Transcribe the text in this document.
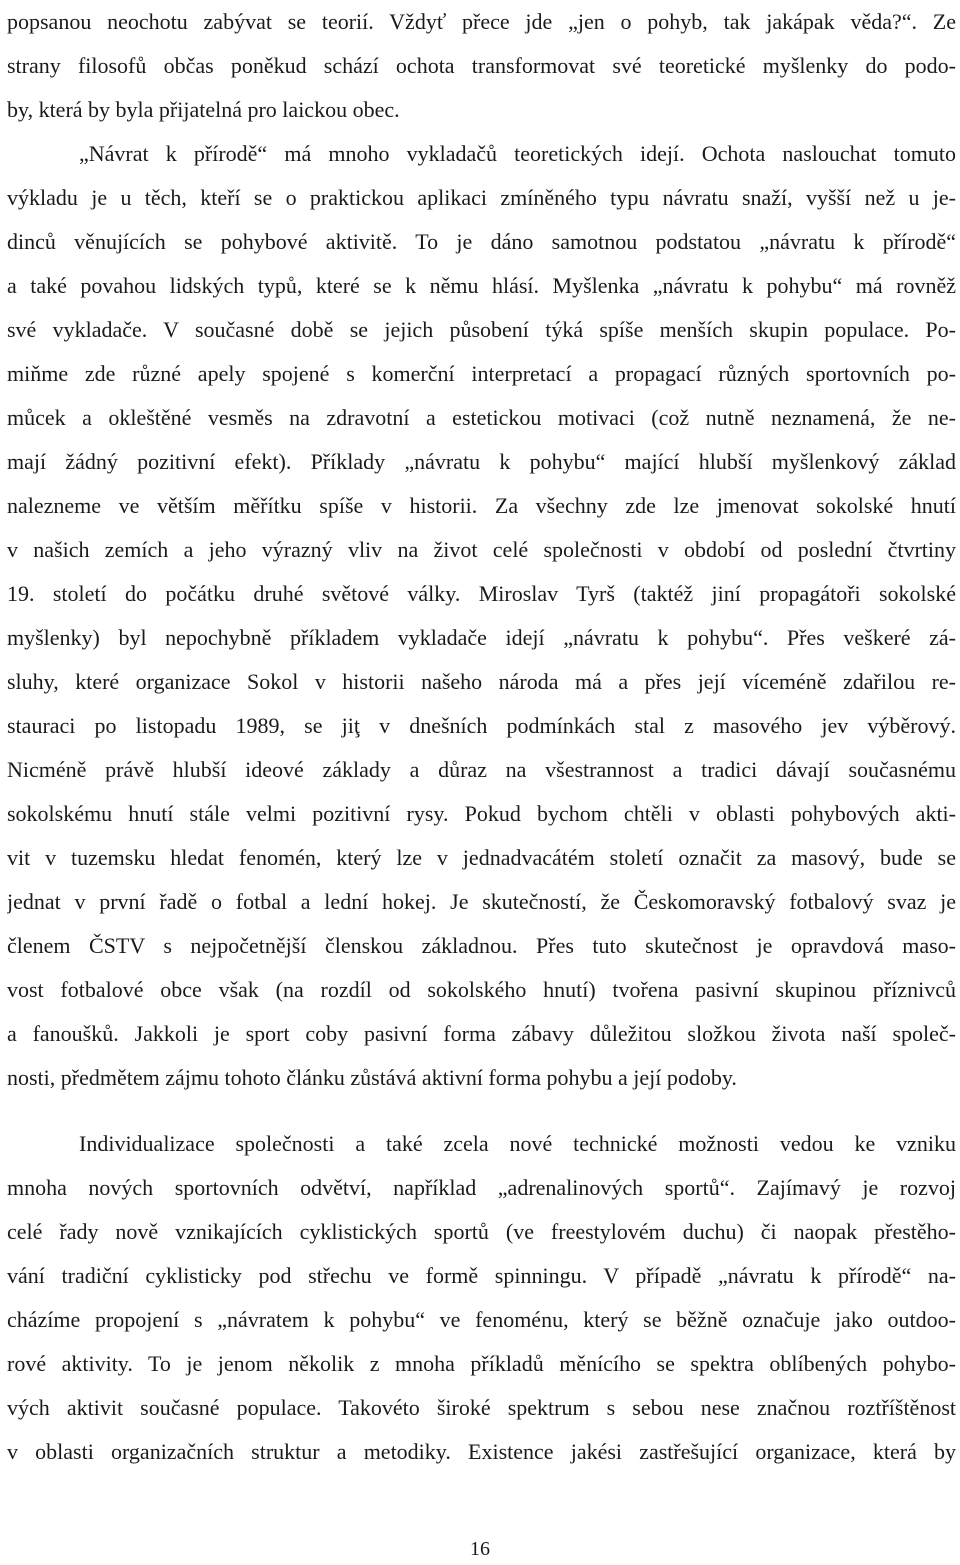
popsanou neochotu zabývat se teorií. Vždyť přece jde „jen o pohyb, tak jakápak věda?“. Ze
strany filosofů občas poněkud schází ochota transformovat své teoretické myšlenky do podo-
by, která by byla přijatelná pro laickou obec.
„Návrat k přírodě“ má mnoho vykladačů teoretických idejí. Ochota naslouchat tomuto
výkladu je u těch, kteří se o praktickou aplikaci zmíněného typu návratu snaží, vyšší než u je-
dinců věnujících se pohybové aktivitě. To je dáno samotnou podstatou „návratu k přírodě“
a také povahou lidských typů, které se k němu hlásí. Myšlenka „návratu k pohybu“ má rovněž
své vykladače. V současné době se jejich působení týká spíše menších skupin populace. Po-
miňme zde různé apely spojené s komerční interpretací a propagací různých sportovních po-
můcek a okleštěné vesměs na zdravotní a estetickou motivaci (což nutně neznamená, že ne-
mají žádný pozitivní efekt). Příklady „návratu k pohybu“ mající hlubší myšlenkový základ
nalezneme ve větším měřítku spíše v historii. Za všechny zde lze jmenovat sokolské hnutí
v našich zemích a jeho výrazný vliv na život celé společnosti v období od poslední čtvrtiny
19. století do počátku druhé světové války. Miroslav Tyrš (taktéž jiní propagátoři sokolské
myšlenky) byl nepochybně příkladem vykladače idejí „návratu k pohybu“. Přes veškeré zá-
sluhy, které organizace Sokol v historii našeho národa má a přes její víceméně zdařilou re-
stauraci po listopadu 1989, se jiţ v dnešních podmínkách stal z masového jev výběrový.
Nicméně právě hlubší ideové základy a důraz na všestrannost a tradici dávají současnému
sokolskému hnutí stále velmi pozitivní rysy. Pokud bychom chtěli v oblasti pohybových akti-
vit v tuzemsku hledat fenomén, který lze v jednadvacátém století označit za masový, bude se
jednat v první řadě o fotbal a lední hokej. Je skutečností, že Českomoravský fotbalový svaz je
členem ČSTV s nejpočetnější členskou základnou. Přes tuto skutečnost je opravdová maso-
vost fotbalové obce však (na rozdíl od sokolského hnutí) tvořena pasivní skupinou příznivců
a fanoušků. Jakkoli je sport coby pasivní forma zábavy důležitou složkou života naší společ-
nosti, předmětem zájmu tohoto článku zůstává aktivní forma pohybu a její podoby.
Individualizace společnosti a také zcela nové technické možnosti vedou ke vzniku
mnoha nových sportovních odvětví, například „adrenalinových sportů“. Zajímavý je rozvoj
celé řady nově vznikajících cyklistických sportů (ve freestylovém duchu) či naopak přestěho-
vání tradiční cyklisticky pod střechu ve formě spinningu. V případě „návratu k přírodě“ na-
cházíme propojení s „návratem k pohybu“ ve fenoménu, který se běžně označuje jako outdoo-
rové aktivity. To je jenom několik z mnoha příkladů měnícího se spektra oblíbených pohybo-
vých aktivit současné populace. Takovéto široké spektrum s sebou nese značnou roztříštěnost
v oblasti organizačních struktur a metodiky. Existence jakési zastřešující organizace, která by
16
